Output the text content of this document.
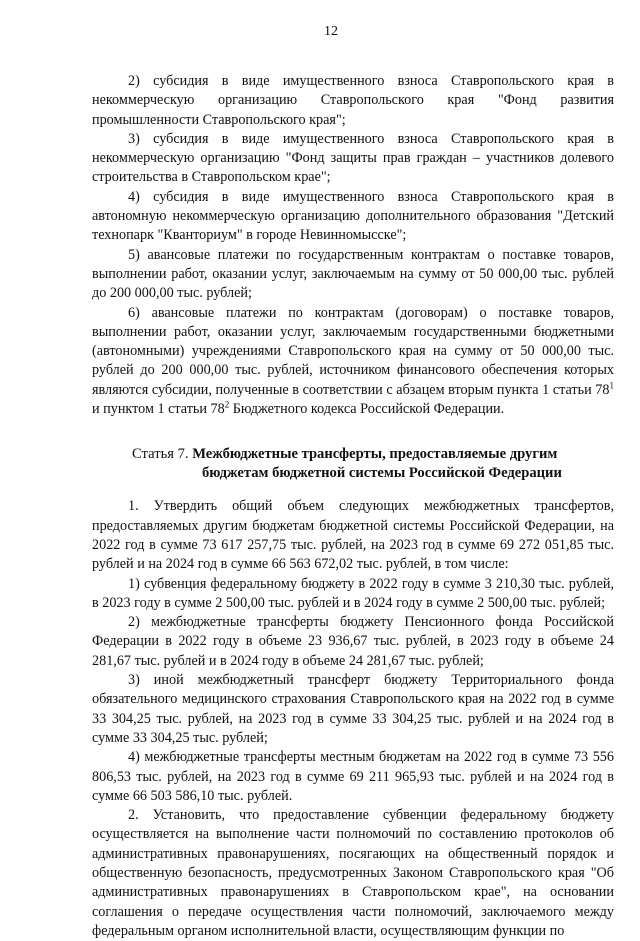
12

2) субсидия в виде имущественного взноса Ставропольского края в некоммерческую организацию Ставропольского края "Фонд развития промышленности Ставропольского края";

3) субсидия в виде имущественного взноса Ставропольского края в некоммерческую организацию "Фонд защиты прав граждан – участников долевого строительства в Ставропольском крае";

4) субсидия в виде имущественного взноса Ставропольского края в автономную некоммерческую организацию дополнительного образования "Детский технопарк "Кванториум" в городе Невинномысске";

5) авансовые платежи по государственным контрактам о поставке товаров, выполнении работ, оказании услуг, заключаемым на сумму от 50 000,00 тыс. рублей до 200 000,00 тыс. рублей;

6) авансовые платежи по контрактам (договорам) о поставке товаров, выполнении работ, оказании услуг, заключаемым государственными бюджетными (автономными) учреждениями Ставропольского края на сумму от 50 000,00 тыс. рублей до 200 000,00 тыс. рублей, источником финансового обеспечения которых являются субсидии, полученные в соответствии с абзацем вторым пункта 1 статьи $78^1$ и пунктом 1 статьи $78^2$ Бюджетного кодекса Российской Федерации.

Статья 7. Межбюджетные трансферты, предоставляемые другим
бюджетам бюджетной системы Российской Федерации

1. Утвердить общий объем следующих межбюджетных трансфертов, предоставляемых другим бюджетам бюджетной системы Российской Федерации, на 2022 год в сумме 73 617 257,75 тыс. рублей, на 2023 год в сумме 69 272 051,85 тыс. рублей и на 2024 год в сумме 66 563 672,02 тыс. рублей, в том числе:

1) субвенция федеральному бюджету в 2022 году в сумме 3 210,30 тыс. рублей, в 2023 году в сумме 2 500,00 тыс. рублей и в 2024 году в сумме 2 500,00 тыс. рублей;

2) межбюджетные трансферты бюджету Пенсионного фонда Российской Федерации в 2022 году в объеме 23 936,67 тыс. рублей, в 2023 году в объеме 24 281,67 тыс. рублей и в 2024 году в объеме 24 281,67 тыс. рублей;

3) иной межбюджетный трансферт бюджету Территориального фонда обязательного медицинского страхования Ставропольского края на 2022 год в сумме 33 304,25 тыс. рублей, на 2023 год в сумме 33 304,25 тыс. рублей и на 2024 год в сумме 33 304,25 тыс. рублей;

4) межбюджетные трансферты местным бюджетам на 2022 год в сумме 73 556 806,53 тыс. рублей, на 2023 год в сумме 69 211 965,93 тыс. рублей и на 2024 год в сумме 66 503 586,10 тыс. рублей.

2. Установить, что предоставление субвенции федеральному бюджету осуществляется на выполнение части полномочий по составлению протоколов об административных правонарушениях, посягающих на общественный порядок и общественную безопасность, предусмотренных Законом Ставропольского края "Об административных правонарушениях в Ставропольском крае", на основании соглашения о передаче осуществления части полномочий, заключаемого между федеральным органом исполнительной власти, осуществляющим функции по
